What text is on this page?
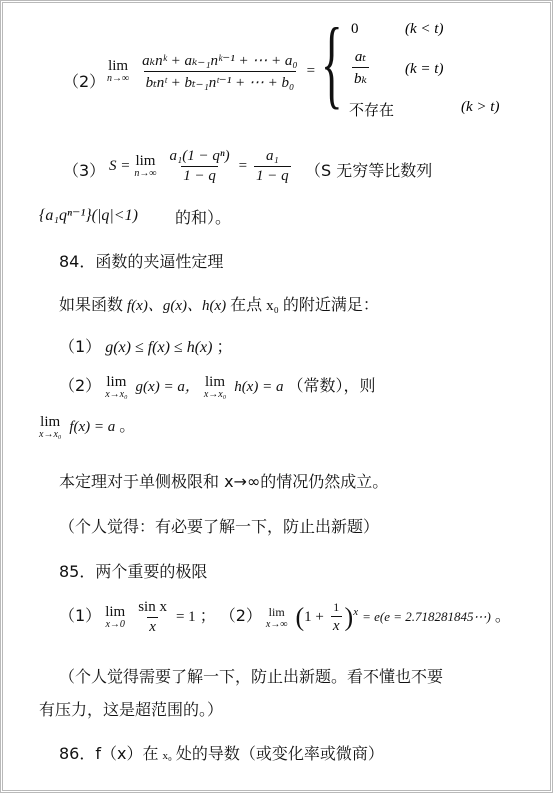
（2）
lim
n→∞
$\frac{\text{aₖnᵏ + aₖ₋₁nᵏ⁻¹ + ⋯ + a₀}}{\text{bₜnᵗ + bₜ₋₁nᵗ⁻¹ + ⋯ + b₀}}$ = { 0	(k < t)
$\frac{\text{aₜ}}{\text{bₖ}} (k = t)$
不存在	(k > t)
（3） S = lim
n→∞
$\frac{\text{a₁(1 − qⁿ)}}{1 - q} = \frac{\text{a₁}}{1 - q} (S$ 无穷等比数列
{a₁qⁿ⁻¹}(|q|<1) 的和）。
84．函数的夹逼性定理
如果函数 f(x)、g(x)、h(x) 在点 x₀ 的附近满足：
（1） g(x) ≤ f(x) ≤ h(x) ；
（2） lim
x→x₀ g(x) = a， lim
x→x₀ h(x) = a （常数），则
lim
x→x₀ f(x) = a 。
本定理对于单侧极限和 x→∞的情况仍然成立。
（个人觉得：有必要了解一下，防止出新题）
85．两个重要的极限
（1） lim
x→0
$\frac{\text{sin x}}{x} = 1$ ； （2） lim
x→∞ $(1 + \frac{1}{x} )^x = e(e$ = 2.718281845⋯) 。
（个人觉得需要了解一下，防止出新题。看不懂也不要
有压力，这是超范围的。）
86．f（x）在 x₀ 处的导数（或变化率或微商）
